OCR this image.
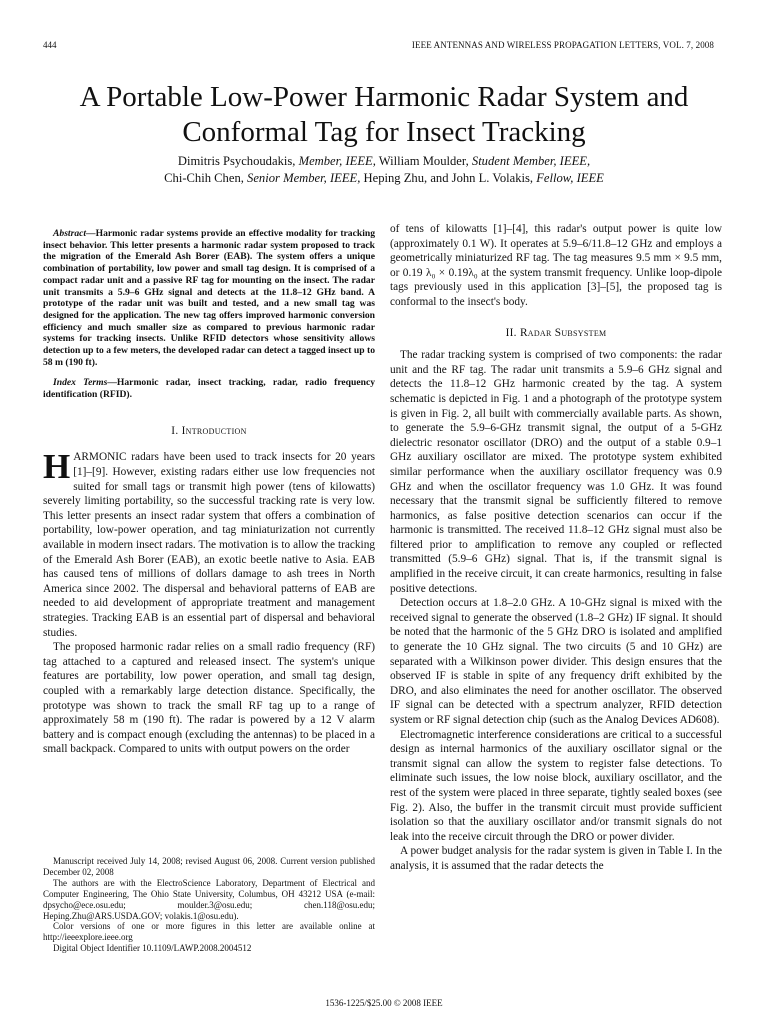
444	IEEE ANTENNAS AND WIRELESS PROPAGATION LETTERS, VOL. 7, 2008
A Portable Low-Power Harmonic Radar System and
Conformal Tag for Insect Tracking
Dimitris Psychoudakis, Member, IEEE, William Moulder, Student Member, IEEE,
Chi-Chih Chen, Senior Member, IEEE, Heping Zhu, and John L. Volakis, Fellow, IEEE

Abstract—Harmonic radar systems provide an effective modality for tracking insect behavior. This letter presents a harmonic radar system proposed to track the migration of the Emerald Ash Borer (EAB). The system offers a unique combination of portability, low power and small tag design. It is comprised of a compact radar unit and a passive RF tag for mounting on the insect. The radar unit transmits a 5.9–6 GHz signal and detects at the 11.8–12 GHz band. A prototype of the radar unit was built and tested, and a new small tag was designed for the application. The new tag offers improved harmonic conversion efficiency and much smaller size as compared to previous harmonic radar systems for tracking insects. Unlike RFID detectors whose sensitivity allows detection up to a few meters, the developed radar can detect a tagged insect up to 58 m (190 ft).

Index Terms—Harmonic radar, insect tracking, radar, radio frequency identification (RFID).

I. Introduction

HARMONIC radars have been used to track insects for 20 years [1]–[9]. However, existing radars either use low frequencies not suited for small tags or transmit high power (tens of kilowatts) severely limiting portability, so the successful tracking rate is very low. This letter presents an insect radar system that offers a combination of portability, low-power operation, and tag miniaturization not currently available in modern insect radars. The motivation is to allow the tracking of the Emerald Ash Borer (EAB), an exotic beetle native to Asia. EAB has caused tens of millions of dollars damage to ash trees in North America since 2002. The dispersal and behavioral patterns of EAB are needed to aid development of appropriate treatment and management strategies. Tracking EAB is an essential part of dispersal and behavioral studies.

The proposed harmonic radar relies on a small radio frequency (RF) tag attached to a captured and released insect. The system's unique features are portability, low power operation, and small tag design, coupled with a remarkably large detection distance. Specifically, the prototype was shown to track the small RF tag up to a range of approximately 58 m (190 ft). The radar is powered by a 12 V alarm battery and is compact enough (excluding the antennas) to be placed in a small backpack. Compared to units with output powers on the order

Manuscript received July 14, 2008; revised August 06, 2008. Current version published December 02, 2008

The authors are with the ElectroScience Laboratory, Department of Electrical and Computer Engineering, The Ohio State University, Columbus, OH 43212 USA (e-mail: dpsycho@ece.osu.edu; moulder.3@osu.edu; chen.118@osu.edu; Heping.Zhu@ARS.USDA.GOV; volakis.1@osu.edu).

Color versions of one or more figures in this letter are available online at http://ieeexplore.ieee.org

Digital Object Identifier 10.1109/LAWP.2008.2004512

of tens of kilowatts [1]–[4], this radar's output power is quite low (approximately 0.1 W). It operates at 5.9–6/11.8–12 GHz and employs a geometrically miniaturized RF tag. The tag measures 9.5 mm × 9.5 mm, or 0.19 λ₀ × 0.19λ₀ at the system transmit frequency. Unlike loop-dipole tags previously used in this application [3]–[5], the proposed tag is conformal to the insect's body.

II. Radar Subsystem

The radar tracking system is comprised of two components: the radar unit and the RF tag. The radar unit transmits a 5.9–6 GHz signal and detects the 11.8–12 GHz harmonic created by the tag. A system schematic is depicted in Fig. 1 and a photograph of the prototype system is given in Fig. 2, all built with commercially available parts. As shown, to generate the 5.9–6-GHz transmit signal, the output of a 5-GHz dielectric resonator oscillator (DRO) and the output of a stable 0.9–1 GHz auxiliary oscillator are mixed. The prototype system exhibited similar performance when the auxiliary oscillator frequency was 0.9 GHz and when the oscillator frequency was 1.0 GHz. It was found necessary that the transmit signal be sufficiently filtered to remove harmonics, as false positive detection scenarios can occur if the harmonic is transmitted. The received 11.8–12 GHz signal must also be filtered prior to amplification to remove any coupled or reflected transmitted (5.9–6 GHz) signal. That is, if the transmit signal is amplified in the receive circuit, it can create harmonics, resulting in false positive detections.

Detection occurs at 1.8–2.0 GHz. A 10-GHz signal is mixed with the received signal to generate the observed (1.8–2 GHz) IF signal. It should be noted that the harmonic of the 5 GHz DRO is isolated and amplified to generate the 10 GHz signal. The two circuits (5 and 10 GHz) are separated with a Wilkinson power divider. This design ensures that the observed IF is stable in spite of any frequency drift exhibited by the DRO, and also eliminates the need for another oscillator. The observed IF signal can be detected with a spectrum analyzer, RFID detection system or RF signal detection chip (such as the Analog Devices AD608).

Electromagnetic interference considerations are critical to a successful design as internal harmonics of the auxiliary oscillator signal or the transmit signal can allow the system to register false detections. To eliminate such issues, the low noise block, auxiliary oscillator, and the rest of the system were placed in three separate, tightly sealed boxes (see Fig. 2). Also, the buffer in the transmit circuit must provide sufficient isolation so that the auxiliary oscillator and/or transmit signals do not leak into the receive circuit through the DRO or power divider.

A power budget analysis for the radar system is given in Table I. In the analysis, it is assumed that the radar detects the

1536-1225/$25.00 © 2008 IEEE
